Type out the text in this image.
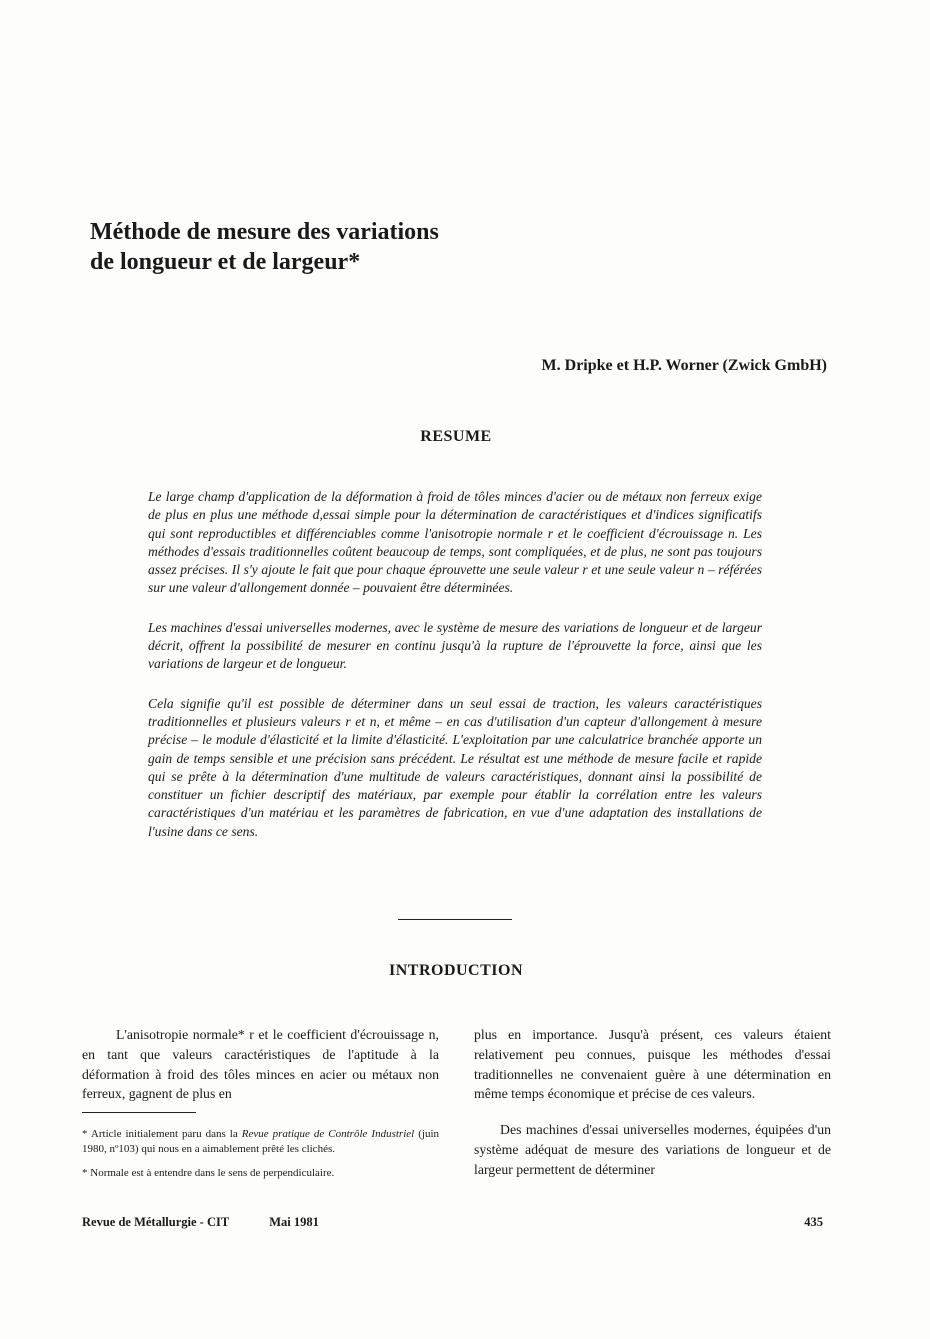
Méthode de mesure des variations
de longueur et de largeur*
M. Dripke et H.P. Worner (Zwick GmbH)
RESUME

Le large champ d'application de la déformation à froid de tôles minces d'acier ou de métaux non ferreux exige de plus en plus une méthode d,essai simple pour la détermination de caractéristiques et d'indices significatifs qui sont reproductibles et différenciables comme l'anisotropie normale r et le coefficient d'écrouissage n. Les méthodes d'essais traditionnelles coûtent beaucoup de temps, sont compliquées, et de plus, ne sont pas toujours assez précises. Il s'y ajoute le fait que pour chaque éprouvette une seule valeur r et une seule valeur n – référées sur une valeur d'allongement donnée – pouvaient être déterminées.

Les machines d'essai universelles modernes, avec le système de mesure des variations de longueur et de largeur décrit, offrent la possibilité de mesurer en continu jusqu'à la rupture de l'éprouvette la force, ainsi que les variations de largeur et de longueur.

Cela signifie qu'il est possible de déterminer dans un seul essai de traction, les valeurs caractéristiques traditionnelles et plusieurs valeurs r et n, et même – en cas d'utilisation d'un capteur d'allongement à mesure précise – le module d'élasticité et la limite d'élasticité. L'exploitation par une calculatrice branchée apporte un gain de temps sensible et une précision sans précédent. Le résultat est une méthode de mesure facile et rapide qui se prête à la détermination d'une multitude de valeurs caractéristiques, donnant ainsi la possibilité de constituer un fichier descriptif des matériaux, par exemple pour établir la corrélation entre les valeurs caractéristiques d'un matériau et les paramètres de fabrication, en vue d'une adaptation des installations de l'usine dans ce sens.

INTRODUCTION

L'anisotropie normale* r et le coefficient d'écrouissage n, en tant que valeurs caractéristiques de l'aptitude à la déformation à froid des tôles minces en acier ou métaux non ferreux, gagnent de plus en

* Article initialement paru dans la Revue pratique de Contrôle Industriel (juin 1980, nº103) qui nous en a aimablement prêté les clichés.

* Normale est à entendre dans le sens de perpendiculaire.

plus en importance. Jusqu'à présent, ces valeurs étaient relativement peu connues, puisque les méthodes d'essai traditionnelles ne convenaient guère à une détermination en même temps économique et précise de ces valeurs.

Des machines d'essai universelles modernes, équipées d'un système adéquat de mesure des variations de longueur et de largeur permettent de déterminer

Revue de Métallurgie - CIT	Mai 1981	435
